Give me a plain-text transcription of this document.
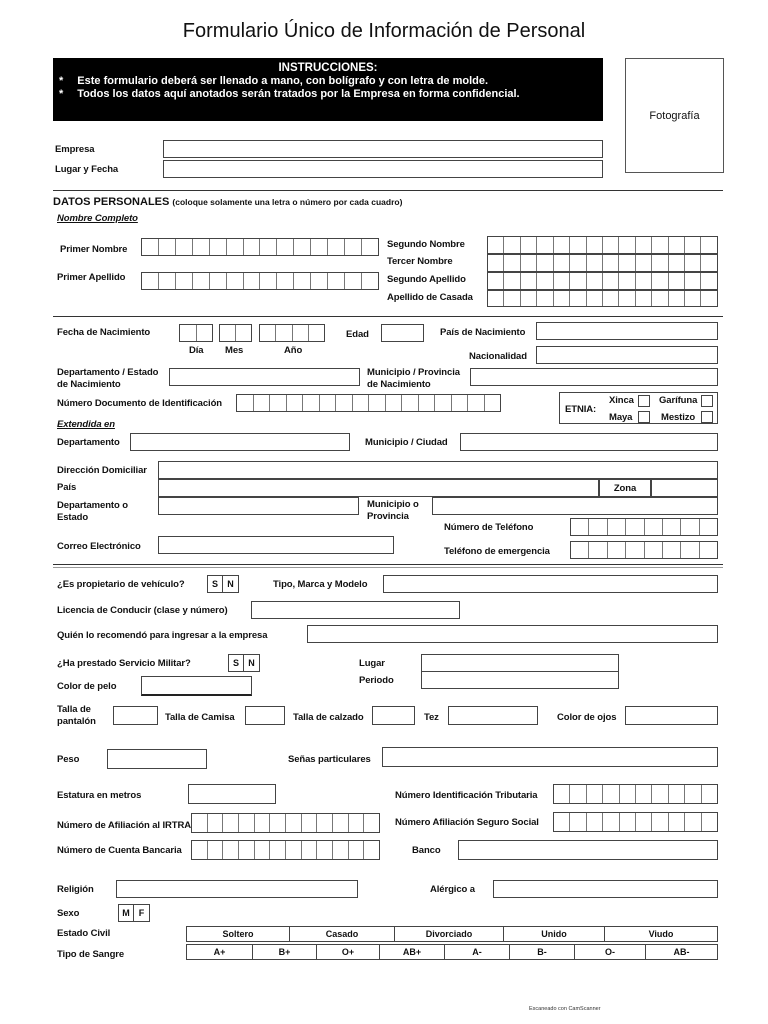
Formulario Único de Información de Personal
INSTRUCCIONES:
* Este formulario deberá ser llenado a mano, con bolígrafo y con letra de molde.
* Todos los datos aquí anotados serán tratados por la Empresa en forma confidencial.
Fotografía
Empresa
Lugar y Fecha
DATOS PERSONALES (coloque solamente una letra o número por cada cuadro)
Nombre Completo
Primer Nombre
Primer Apellido
Segundo Nombre
Tercer Nombre
Segundo Apellido
Apellido de Casada
Fecha de Nacimiento
Día Mes	Año
Edad	País de Nacimiento
Nacionalidad
Departamento / Estado
de Nacimiento
Municipio / Provincia
de Nacimiento
Número Documento de Identificación
ETNIA:
Xinca	Garífuna
Maya	Mestizo
Extendida en
Departamento	Municipio / Ciudad
Dirección Domiciliar
País	Zona
Departamento o
Estado
Municipio o
Provincia
Número de Teléfono
Correo Electrónico	Teléfono de emergencia
¿Es propietario de vehículo?	S	N	Tipo, Marca y Modelo
Licencia de Conducir (clase y número)
Quién lo recomendó para ingresar a la empresa
¿Ha prestado Servicio Militar?	S	N	Lugar
Periodo
Color de pelo
Talla de
pantalón	Talla de Camisa	Talla de calzado	Tez	Color de ojos
Peso	Señas particulares
Estatura en metros	Número Identificación Tributaria
Número de Afiliación al IRTRA	Número Afiliación Seguro Social
Número de Cuenta Bancaria	Banco
Religión	Alérgico a
Sexo	M	F
Estado Civil
Tipo de Sangre
Soltero	Casado	Divorciado	Unido	Viudo
A+	B+	O+	AB+	A-	B-	O-	AB-
Escaneado con CamScanner
